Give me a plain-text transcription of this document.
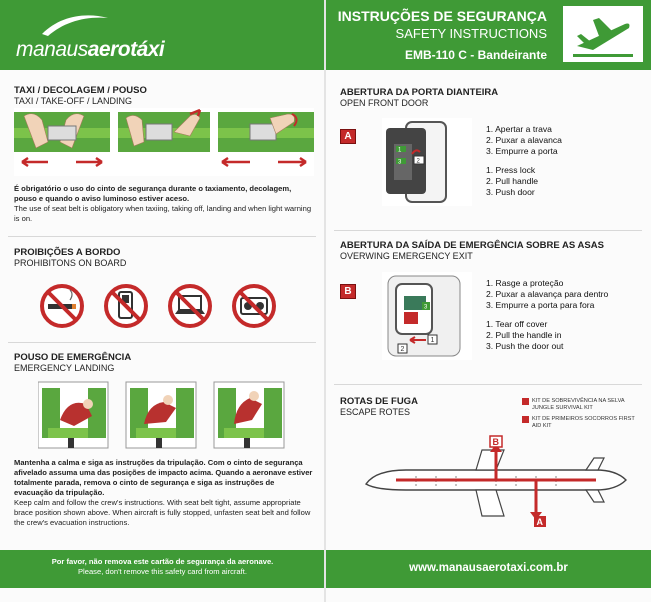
manausaerotáxi
TAXI / DECOLAGEM / POUSO
TAXI / TAKE-OFF / LANDING
É obrigatório o uso do cinto de segurança durante o taxiamento, decolagem, pouso e quando o aviso luminoso estiver aceso.
The use of seat belt is obligatory when taxiing, taking off, landing and when light warning is on.
PROIBIÇÕES A BORDO
PROHIBITONS ON BOARD
POUSO DE EMERGÊNCIA
EMERGENCY LANDING
Mantenha a calma e siga as instruções da tripulação. Com o cinto de segurança afivelado assuma uma das posições de impacto acima. Quando a aeronave estiver totalmente parada, remova o cinto de segurança e siga as instruções de evacuação da tripulação.
Keep calm and follow the crew's instructions. With seat belt tight, assume appropriate brace position shown above. When aircraft is fully stopped, unfasten seat belt and follow the crew's evacuation instructions.
Por favor, não remova este cartão de segurança da aeronave.
Please, don't remove this safety card from aircraft.
INSTRUÇÕES DE SEGURANÇA
SAFETY INSTRUCTIONS
EMB-110 C - Bandeirante
ABERTURA DA PORTA DIANTEIRA
OPEN FRONT DOOR
A
1
3	2
1. Apertar a trava
2. Puxar a alavanca
3. Empurre a porta
1. Press lock
2. Pull handle
3. Push door
ABERTURA DA SAÍDA DE EMERGÊNCIA SOBRE AS ASAS
OVERWING EMERGENCY EXIT
B
3
1
2
1. Rasge a proteção
2. Puxar a alavança para dentro
3. Empurre a porta para fora
1. Tear off cover
2. Pull the handle in
3. Push the door out
ROTAS DE FUGA
ESCAPE ROTES
KIT DE SOBREVIVÊNCIA NA SELVA JUNGLE SURVIVAL KIT
KIT DE PRIMEIROS SOCORROS FIRST AID KIT
B
A
www.manausaerotaxi.com.br
